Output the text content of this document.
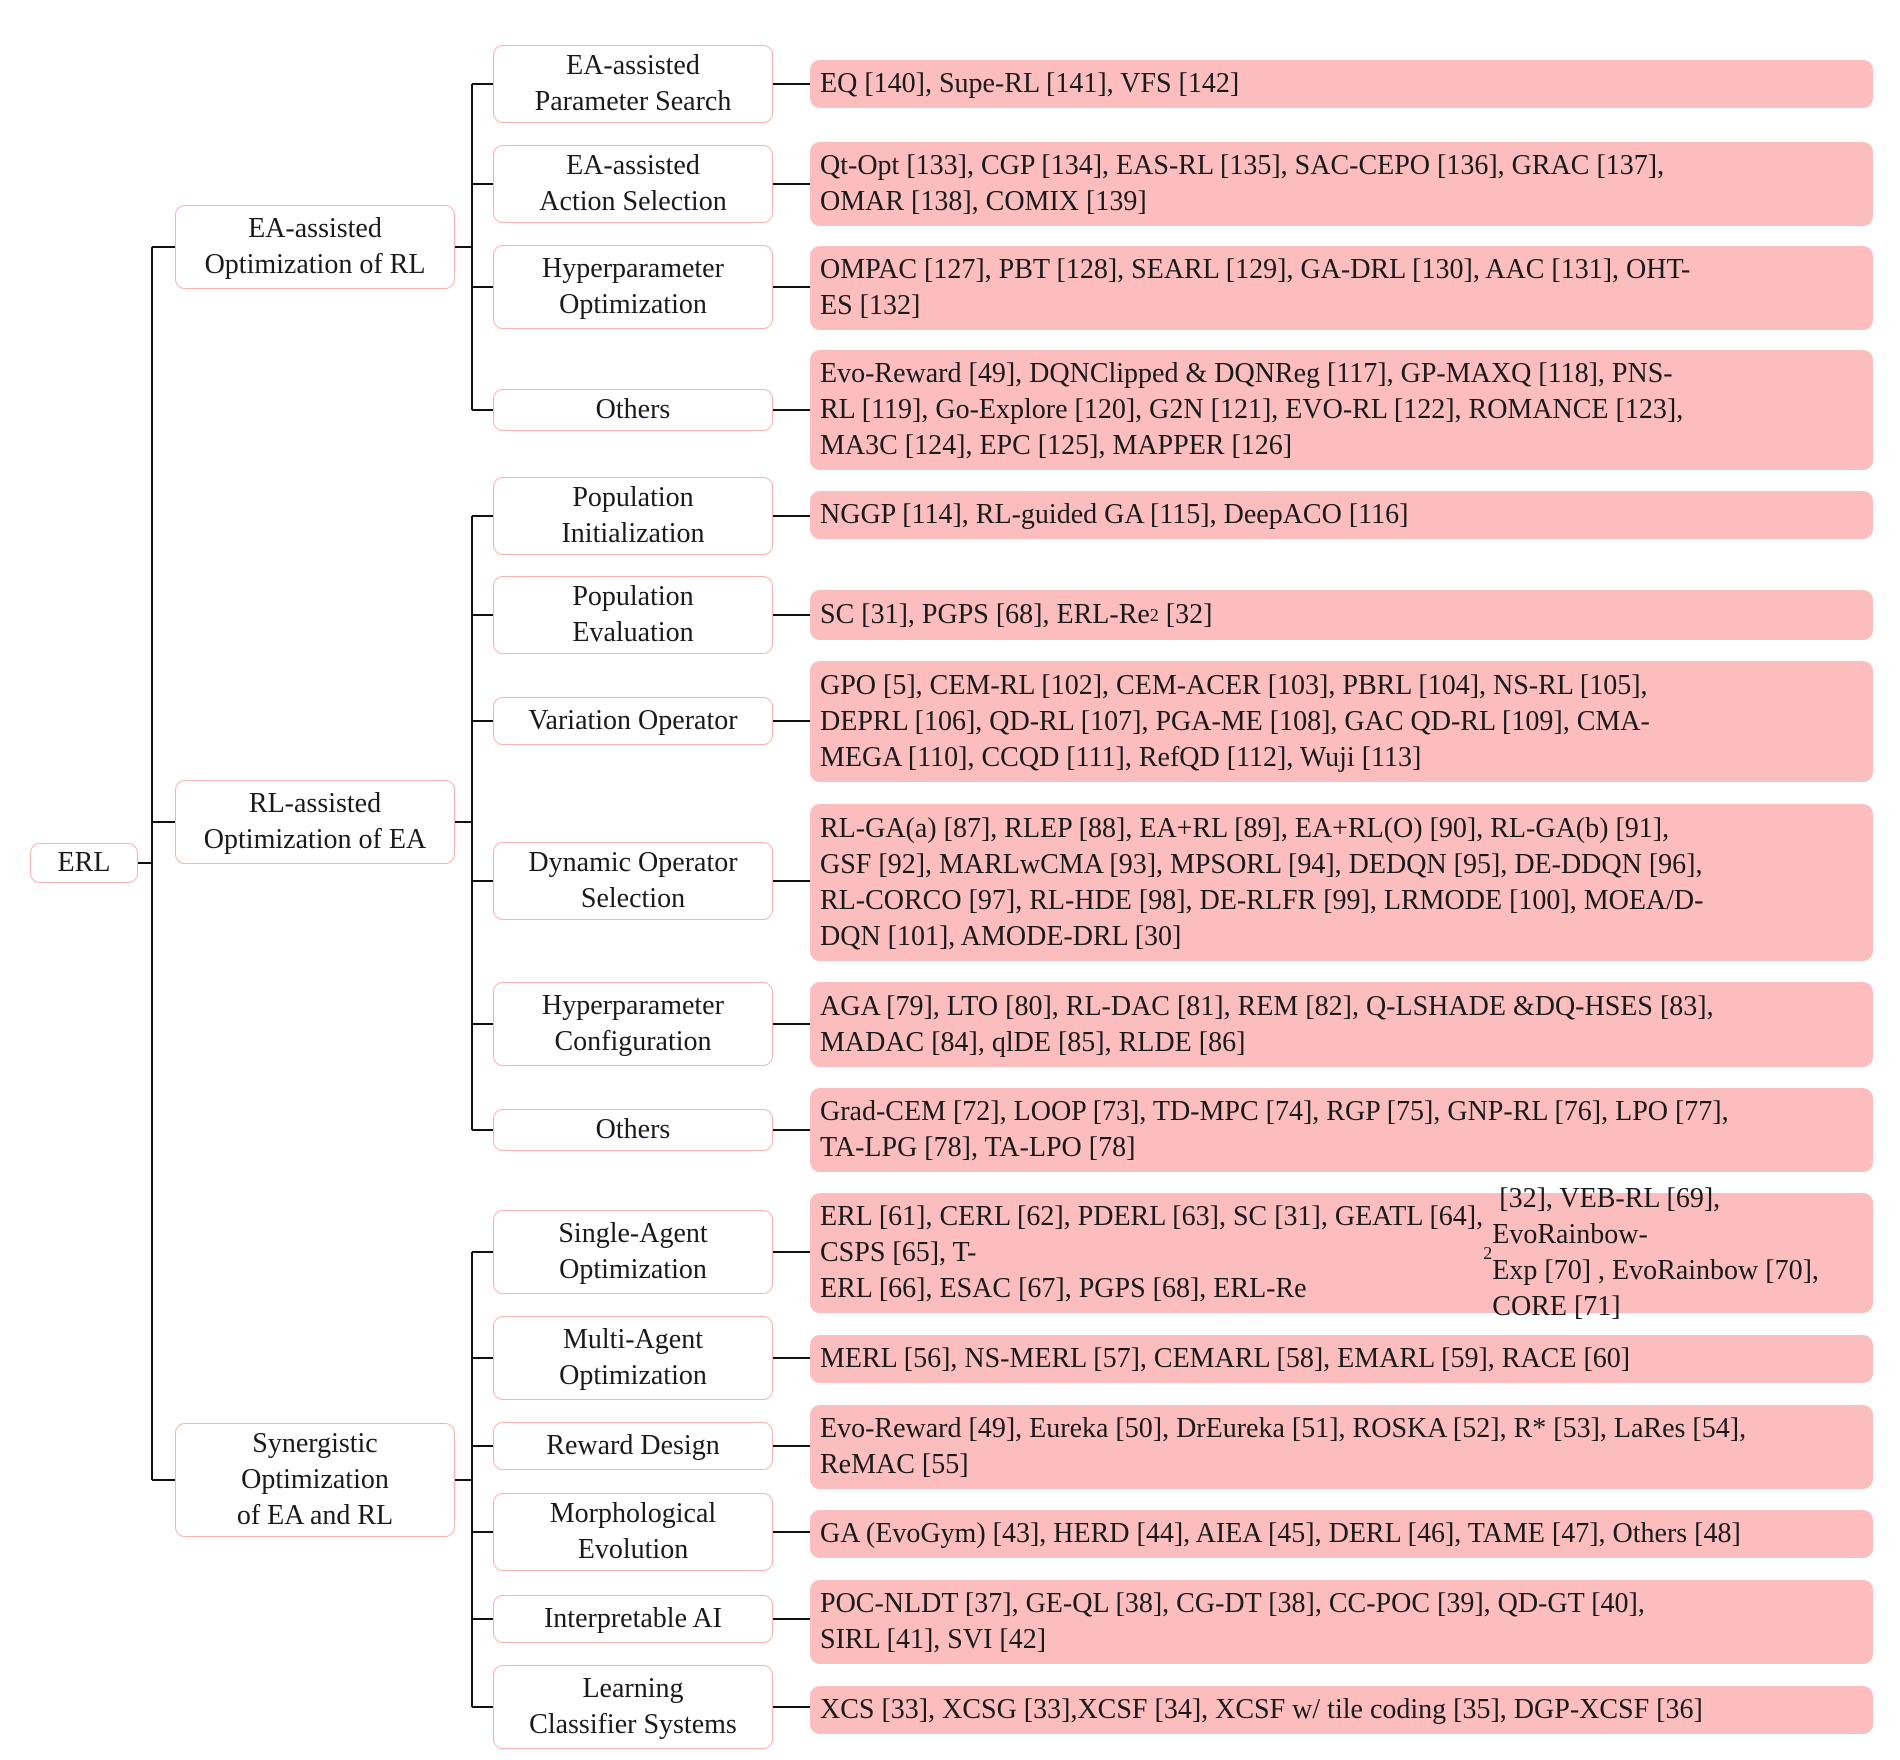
ERL
EA-assisted
Optimization of RL
EA-assisted
Parameter Search
EA-assisted
Action Selection
Hyperparameter
Optimization
Others
RL-assisted
Optimization of EA
Population
Initialization
Population
Evaluation
Variation Operator
Dynamic Operator
Selection
Hyperparameter
Configuration
Others
Synergistic
Optimization
of EA and RL
Single-Agent
Optimization
Multi-Agent
Optimization
Reward Design
Morphological
Evolution
Interpretable AI
Learning
Classifier Systems
EQ [140], Supe-RL [141], VFS [142]
Qt-Opt [133], CGP [134], EAS-RL [135], SAC-CEPO [136], GRAC [137],
OMAR [138], COMIX [139]
OMPAC [127], PBT [128], SEARL [129], GA-DRL [130], AAC [131], OHT-
ES [132]
Evo-Reward [49], DQNClipped & DQNReg [117], GP-MAXQ [118], PNS-
RL [119], Go-Explore [120], G2N [121], EVO-RL [122], ROMANCE [123],
MA3C [124], EPC [125], MAPPER [126]
NGGP [114], RL-guided GA [115], DeepACO [116]
SC [31], PGPS [68], ERL-Re 2 [32]
GPO [5], CEM-RL [102], CEM-ACER [103], PBRL [104], NS-RL [105],
DEPRL [106], QD-RL [107], PGA-ME [108], GAC QD-RL [109], CMA-
MEGA [110], CCQD [111], RefQD [112], Wuji [113]
RL-GA(a) [87], RLEP [88], EA+RL [89], EA+RL(O) [90], RL-GA(b) [91],
GSF [92], MARLwCMA [93], MPSORL [94], DEDQN [95], DE-DDQN [96],
RL-CORCO [97], RL-HDE [98], DE-RLFR [99], LRMODE [100], MOEA/D-
DQN [101], AMODE-DRL [30]
AGA [79], LTO [80], RL-DAC [81], REM [82], Q-LSHADE &DQ-HSES [83],
MADAC [84], qlDE [85], RLDE [86]
Grad-CEM [72], LOOP [73], TD-MPC [74], RGP [75], GNP-RL [76], LPO [77],
TA-LPG [78], TA-LPO [78]
ERL [61], CERL [62], PDERL [63], SC [31], GEATL [64], CSPS [65], T-
ERL [66], ESAC [67], PGPS [68], ERL-Re
2
[32], VEB-RL [69], EvoRainbow-
Exp [70] , EvoRainbow [70], CORE [71]
MERL [56], NS-MERL [57], CEMARL [58], EMARL [59], RACE [60]
Evo-Reward [49], Eureka [50], DrEureka [51], ROSKA [52], R* [53], LaRes [54],
ReMAC [55]
GA (EvoGym) [43], HERD [44], AIEA [45], DERL [46], TAME [47], Others [48]
POC-NLDT [37], GE-QL [38], CG-DT [38], CC-POC [39], QD-GT [40],
SIRL [41], SVI [42]
XCS [33], XCSG [33],XCSF [34], XCSF w/ tile coding [35], DGP-XCSF [36]
